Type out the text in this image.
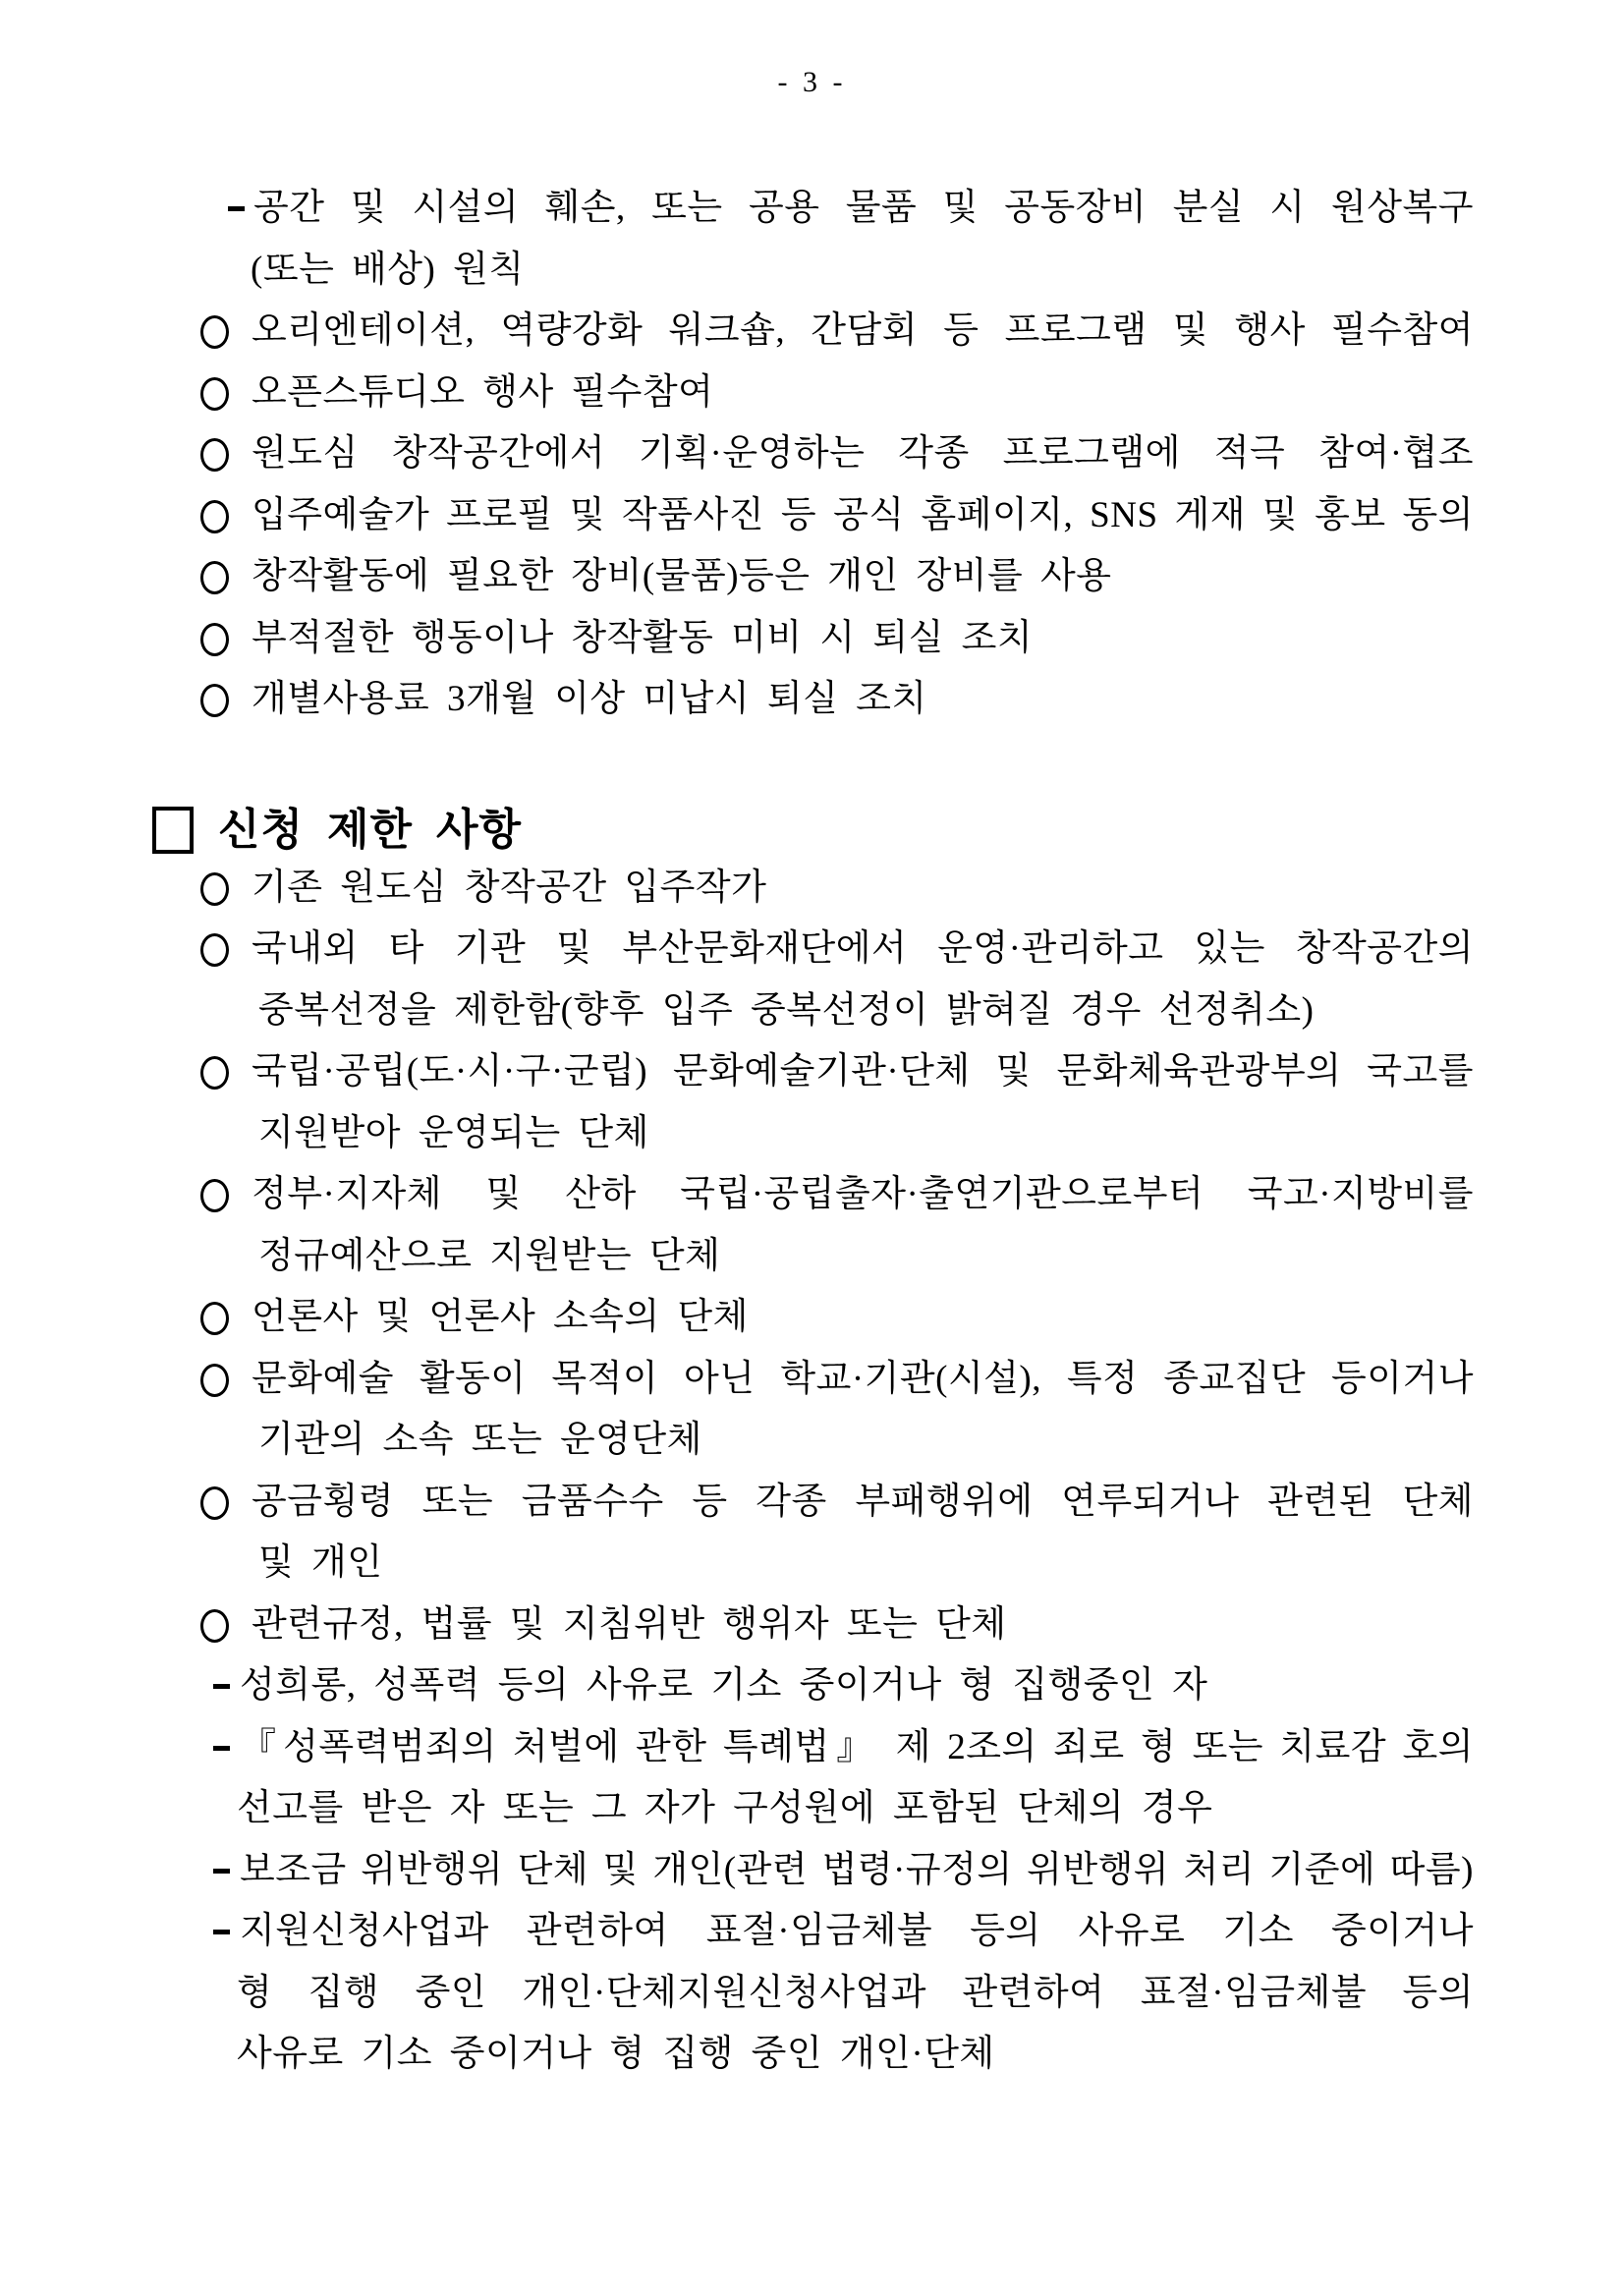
공간 및 시설의 훼손, 또는 공용 물품 및 공동장비 분실 시 원상복구
(또는 배상) 원칙
오리엔테이션, 역량강화 워크숍, 간담회 등 프로그램 및 행사 필수참여
오픈스튜디오 행사 필수참여
원도심 창작공간에서 기획·운영하는 각종 프로그램에 적극 참여·협조
입주예술가 프로필 및 작품사진 등 공식 홈페이지, SNS 게재 및 홍보 동의
창작활동에 필요한 장비(물품)등은 개인 장비를 사용
부적절한 행동이나 창작활동 미비 시 퇴실 조치
개별사용료 3개월 이상 미납시 퇴실 조치
신청 제한 사항
기존 원도심 창작공간 입주작가
국내외 타 기관 및 부산문화재단에서 운영·관리하고 있는 창작공간의
중복선정을 제한함(향후 입주 중복선정이 밝혀질 경우 선정취소)
국립·공립(도·시·구·군립) 문화예술기관·단체 및 문화체육관광부의 국고를
지원받아 운영되는 단체
정부·지자체 및 산하 국립·공립출자·출연기관으로부터 국고·지방비를
정규예산으로 지원받는 단체
언론사 및 언론사 소속의 단체
문화예술 활동이 목적이 아닌 학교·기관(시설), 특정 종교집단 등이거나
기관의 소속 또는 운영단체
공금횡령 또는 금품수수 등 각종 부패행위에 연루되거나 관련된 단체
및 개인
관련규정, 법률 및 지침위반 행위자 또는 단체
성희롱, 성폭력 등의 사유로 기소 중이거나 형 집행중인 자
『성폭력범죄의 처벌에 관한 특례법』 제 2조의 죄로 형 또는 치료감 호의
선고를 받은 자 또는 그 자가 구성원에 포함된 단체의 경우
보조금 위반행위 단체 및 개인(관련 법령·규정의 위반행위 처리 기준에 따름)
지원신청사업과 관련하여 표절·임금체불 등의 사유로 기소 중이거나
형 집행 중인 개인·단체지원신청사업과 관련하여 표절·임금체불 등의
사유로 기소 중이거나 형 집행 중인 개인·단체
- 3 -
